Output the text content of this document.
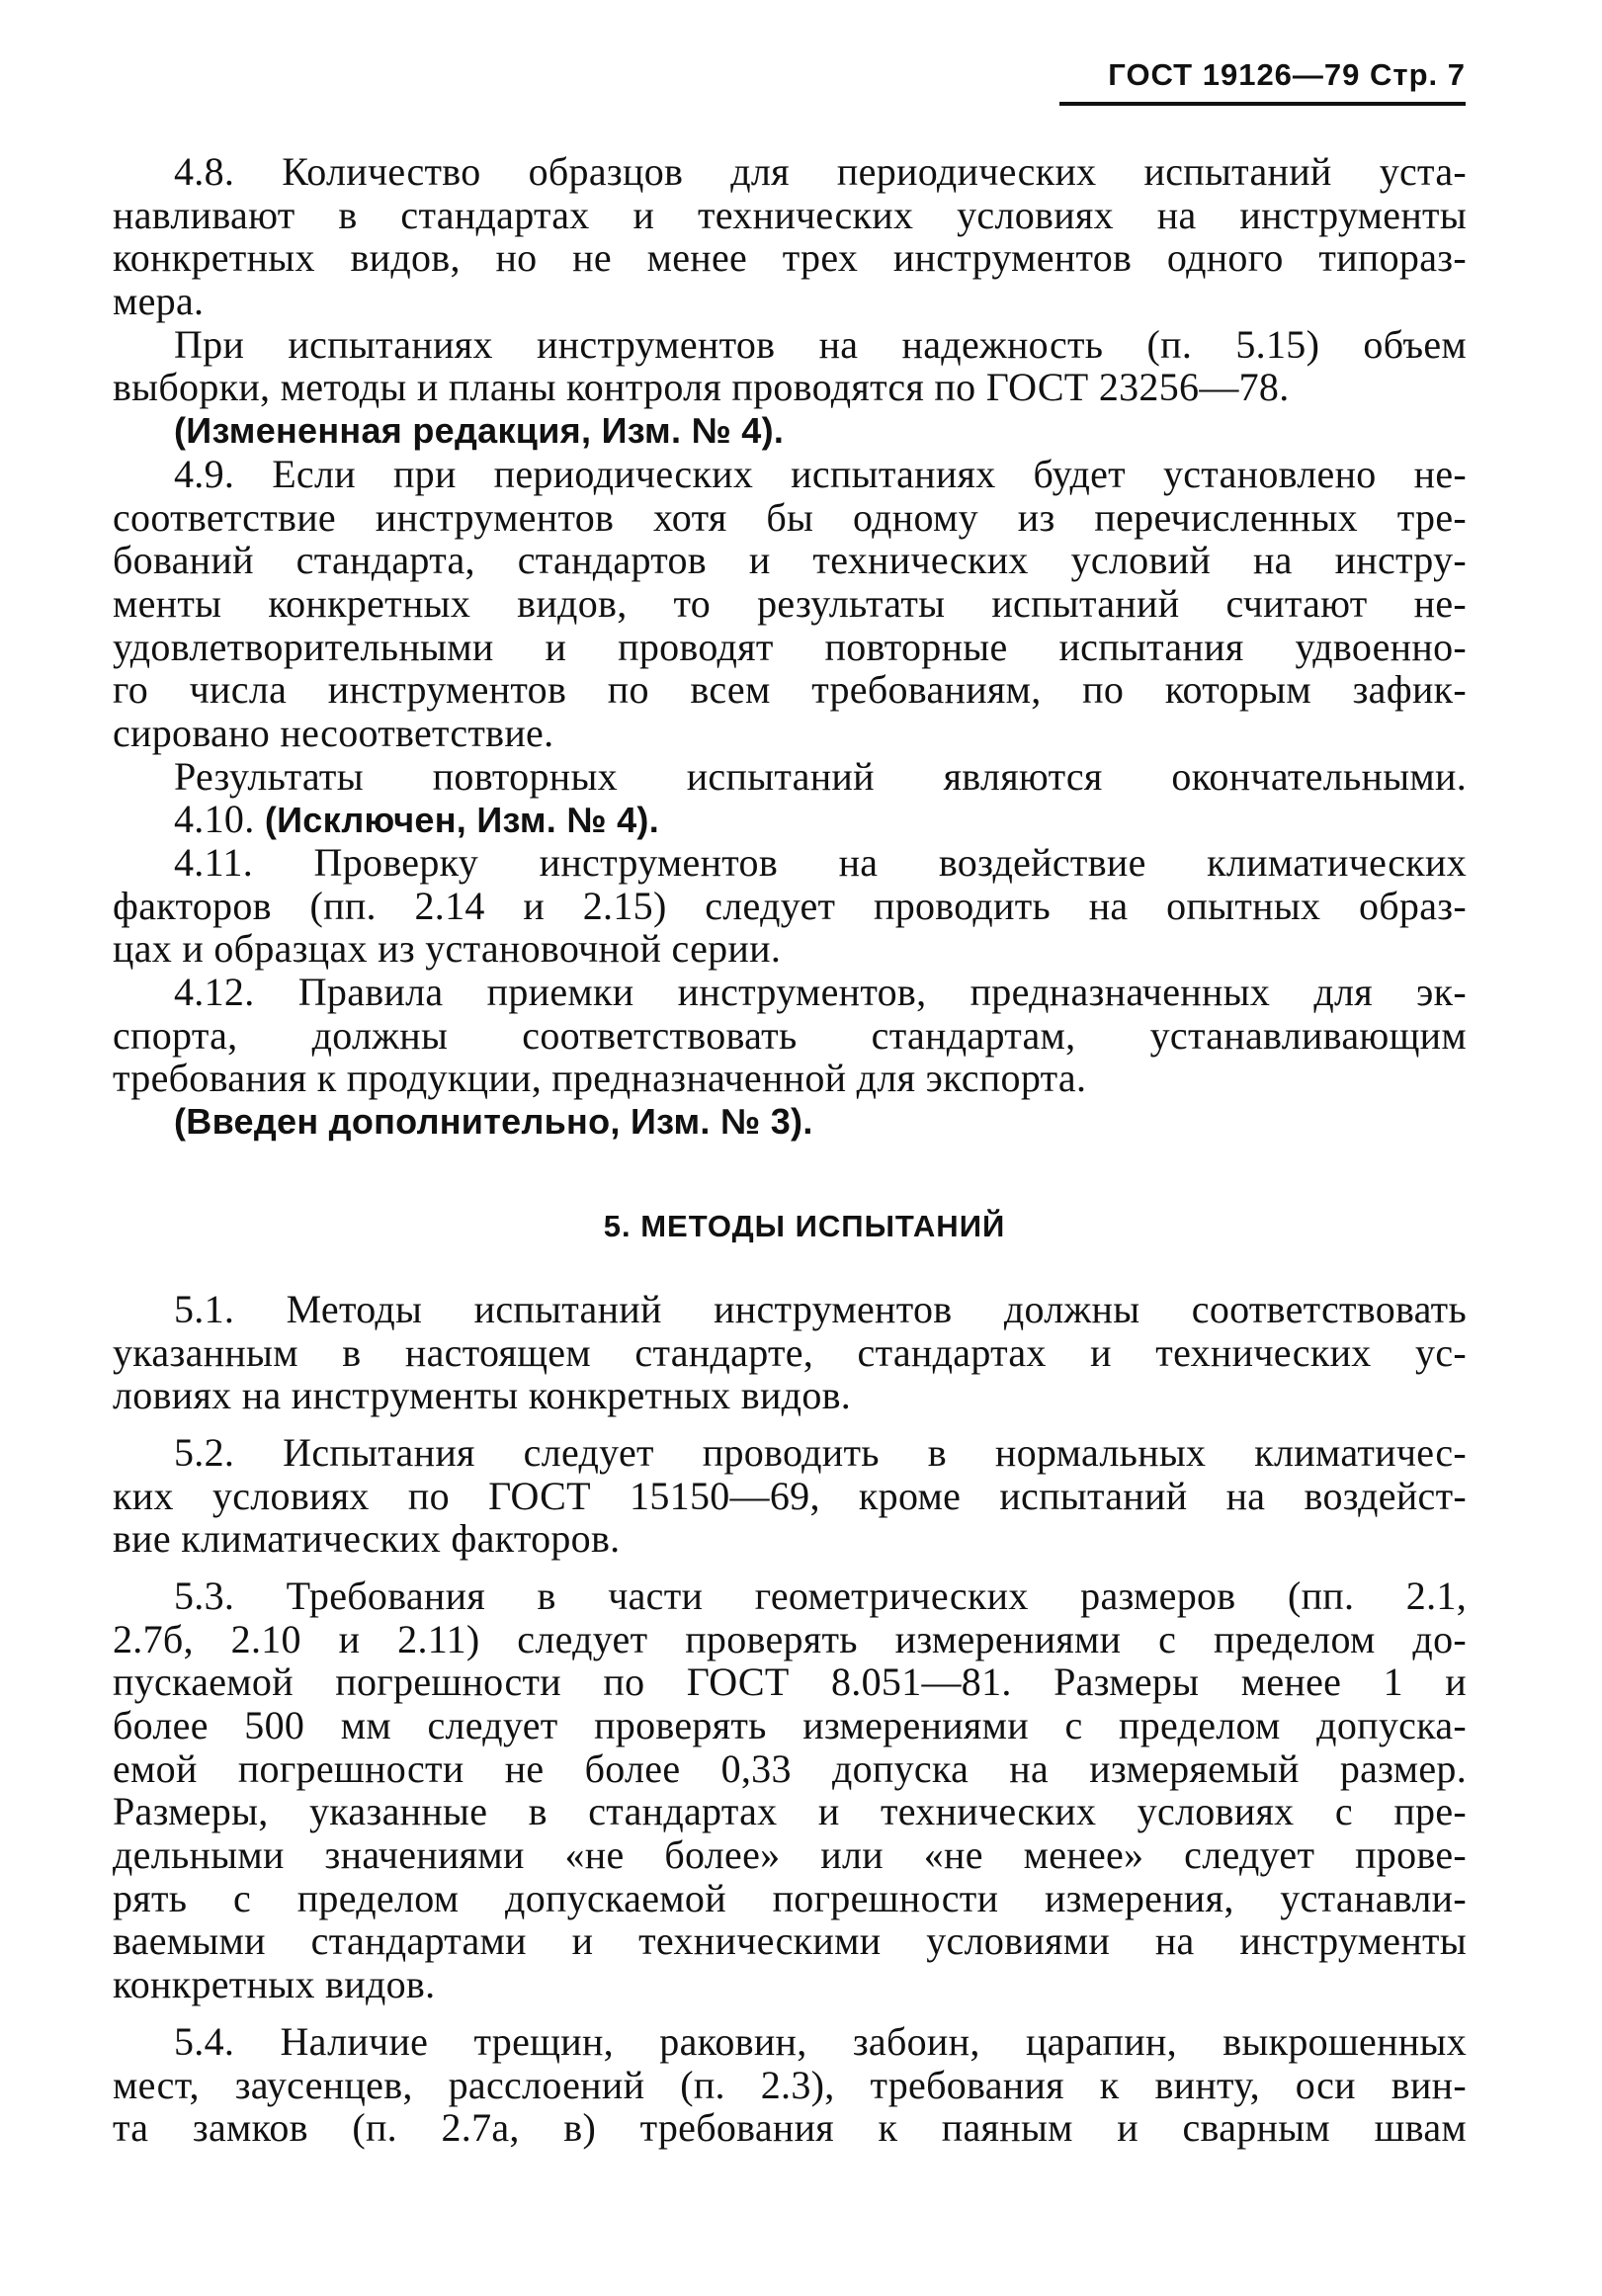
ГОСТ 19126—79 Стр. 7
4.8. Количество образцов для периодических испытаний уста-
навливают в стандартах и технических условиях на инструменты
конкретных видов, но не менее трех инструментов одного типораз-
мера.
При испытаниях инструментов на надежность (п. 5.15) объем
выборки, методы и планы контроля проводятся по ГОСТ 23256—78.
(Измененная редакция, Изм. № 4).
4.9. Если при периодических испытаниях будет установлено не-
соответствие инструментов хотя бы одному из перечисленных тре-
бований стандарта, стандартов и технических условий на инстру-
менты конкретных видов, то результаты испытаний считают не-
удовлетворительными и проводят повторные испытания удвоенно-
го числа инструментов по всем требованиям, по которым зафик-
сировано несоответствие.
Результаты повторных испытаний являются окончательными.
4.10. (Исключен, Изм. № 4).
4.11. Проверку инструментов на воздействие климатических
факторов (пп. 2.14 и 2.15) следует проводить на опытных образ-
цах и образцах из установочной серии.
4.12. Правила приемки инструментов, предназначенных для эк-
спорта, должны соответствовать стандартам, устанавливающим
требования к продукции, предназначенной для экспорта.
(Введен дополнительно, Изм. № 3).
5. МЕТОДЫ ИСПЫТАНИЙ
5.1. Методы испытаний инструментов должны соответствовать
указанным в настоящем стандарте, стандартах и технических ус-
ловиях на инструменты конкретных видов.
5.2. Испытания следует проводить в нормальных климатичес-
ких условиях по ГОСТ 15150—69, кроме испытаний на воздейст-
вие климатических факторов.
5.3. Требования в части геометрических размеров (пп. 2.1,
2.7б, 2.10 и 2.11) следует проверять измерениями с пределом до-
пускаемой погрешности по ГОСТ 8.051—81. Размеры менее 1 и
более 500 мм следует проверять измерениями с пределом допуска-
емой погрешности не более 0,33 допуска на измеряемый размер.
Размеры, указанные в стандартах и технических условиях с пре-
дельными значениями «не более» или «не менее» следует прове-
рять с пределом допускаемой погрешности измерения, устанавли-
ваемыми стандартами и техническими условиями на инструменты
конкретных видов.
5.4. Наличие трещин, раковин, забоин, царапин, выкрошенных
мест, заусенцев, расслоений (п. 2.3), требования к винту, оси вин-
та замков (п. 2.7а, в) требования к паяным и сварным швам
